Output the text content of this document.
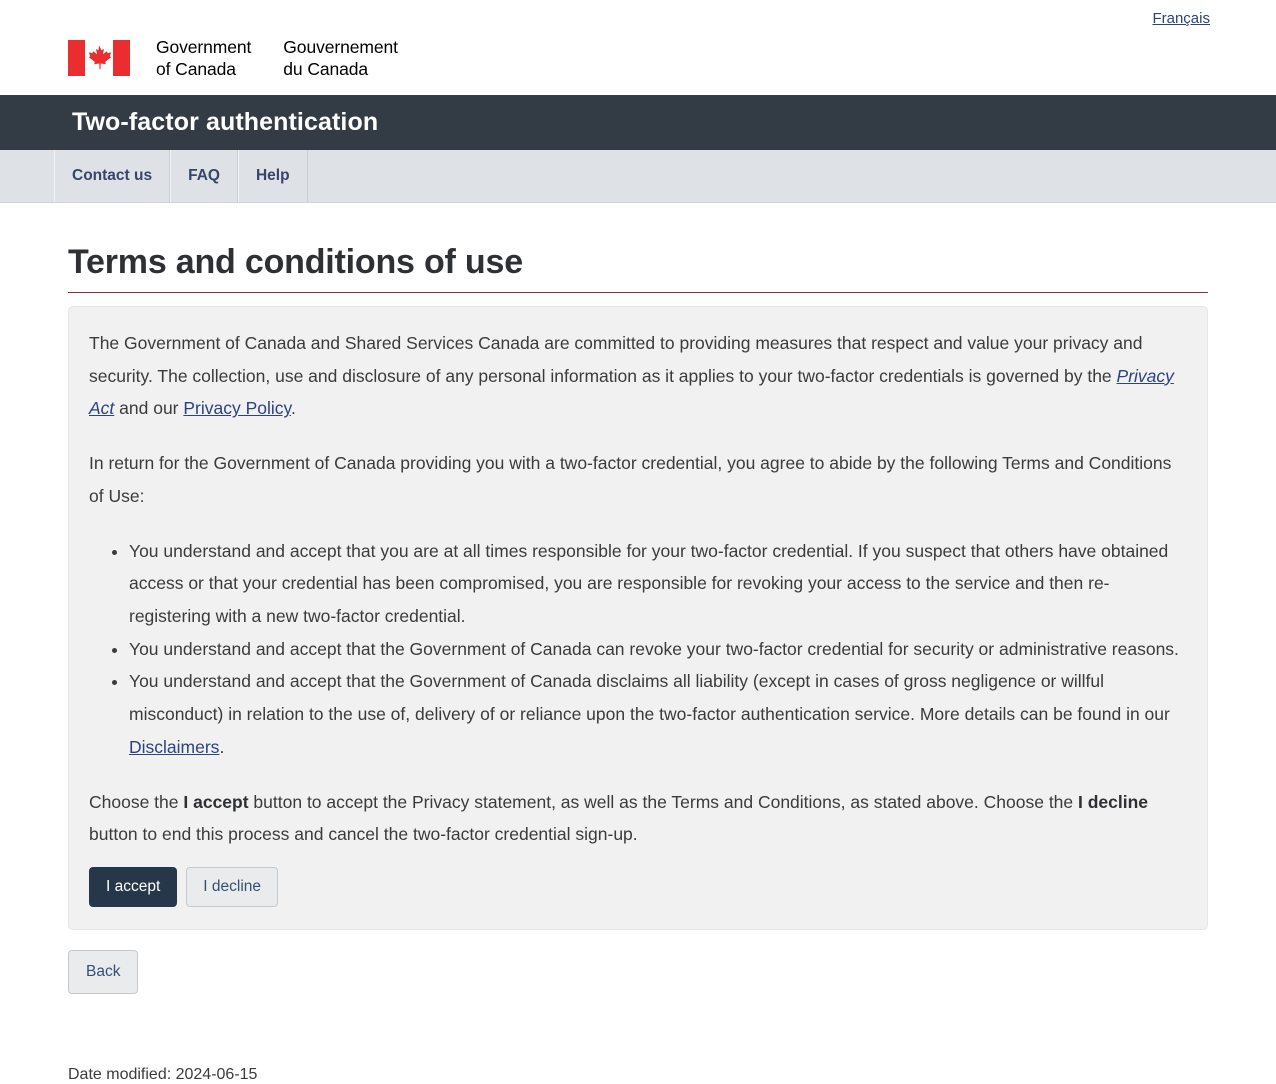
Français
Government
of Canada
Gouvernement
du Canada
Two-factor authentication
Contact us FAQ Help
Terms and conditions of use

The Government of Canada and Shared Services Canada are committed to providing measures that respect and value your privacy and security. The collection, use and disclosure of any personal information as it applies to your two-factor credentials is governed by the Privacy Act and our Privacy Policy.

In return for the Government of Canada providing you with a two-factor credential, you agree to abide by the following Terms and Conditions of Use:

• You understand and accept that you are at all times responsible for your two-factor credential. If you suspect that others have obtained access or that your credential has been compromised, you are responsible for revoking your access to the service and then re-registering with a new two-factor credential.
• You understand and accept that the Government of Canada can revoke your two-factor credential for security or administrative reasons.
• You understand and accept that the Government of Canada disclaims all liability (except in cases of gross negligence or willful misconduct) in relation to the use of, delivery of or reliance upon the two-factor authentication service. More details can be found in our Disclaimers.

Choose the I accept button to accept the Privacy statement, as well as the Terms and Conditions, as stated above. Choose the I decline button to end this process and cancel the two-factor credential sign-up.

I accept	I decline
Back
Date modified: 2024-06-15
